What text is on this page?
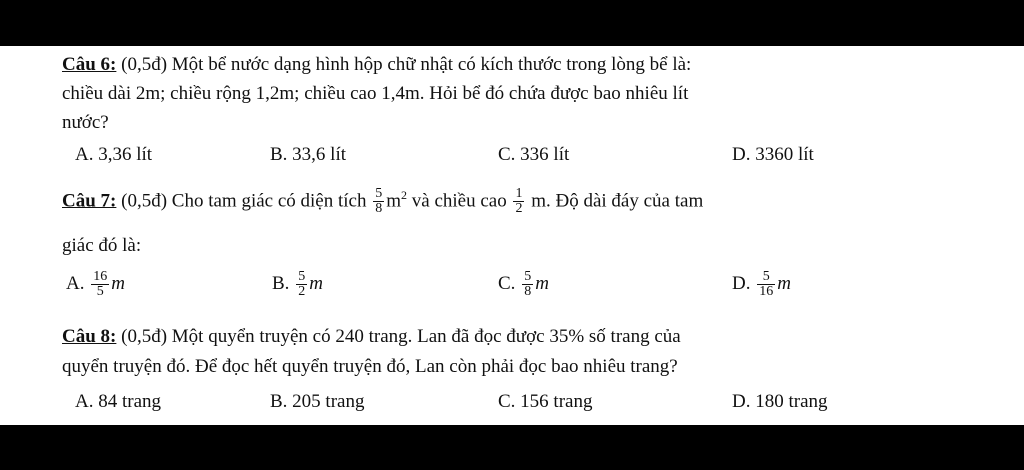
Câu 6: (0,5đ) Một bể nước dạng hình hộp chữ nhật có kích thước trong lòng bể là:
chiều dài 2m; chiều rộng 1,2m; chiều cao 1,4m. Hỏi bể đó chứa được bao nhiêu lít
nước?
A. 3,36 lít	B. 33,6 lít	C. 336 lít	D. 3360 lít
Câu 7: (0,5đ) Cho tam giác có diện tích $\frac{5}{8} m^2$ và chiều cao $\frac{1}{2} m$. Độ dài đáy của tam
giác đó là:
A. $\frac{16}{5}$ m	B. $\frac{5}{2}$ m	C. $\frac{5}{8}$ m	D. $\frac{5}{16}$ m
Câu 8: (0,5đ) Một quyển truyện có 240 trang. Lan đã đọc được 35% số trang của
quyển truyện đó. Để đọc hết quyển truyện đó, Lan còn phải đọc bao nhiêu trang?
A. 84 trang	B. 205 trang	C. 156 trang	D. 180 trang
